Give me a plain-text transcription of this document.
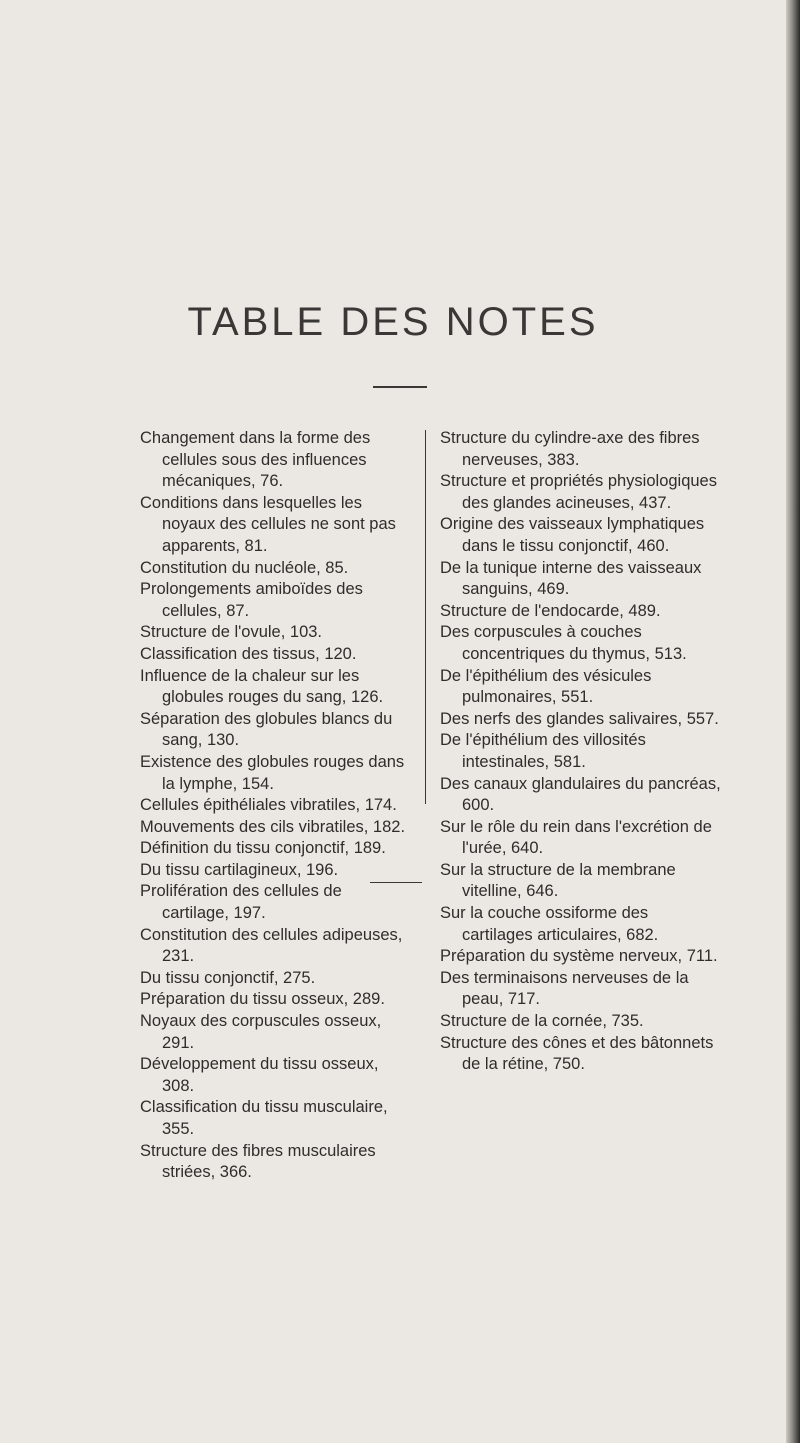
TABLE DES NOTES
Changement dans la forme des cellules sous des influences mécaniques, 76.
Conditions dans lesquelles les noyaux des cellules ne sont pas apparents, 81.
Constitution du nucléole, 85.
Prolongements amiboïdes des cellules, 87.
Structure de l'ovule, 103.
Classification des tissus, 120.
Influence de la chaleur sur les globules rouges du sang, 126.
Séparation des globules blancs du sang, 130.
Existence des globules rouges dans la lymphe, 154.
Cellules épithéliales vibratiles, 174.
Mouvements des cils vibratiles, 182.
Définition du tissu conjonctif, 189.
Du tissu cartilagineux, 196.
Prolifération des cellules de cartilage, 197.
Constitution des cellules adipeuses, 231.
Du tissu conjonctif, 275.
Préparation du tissu osseux, 289.
Noyaux des corpuscules osseux, 291.
Développement du tissu osseux, 308.
Classification du tissu musculaire, 355.
Structure des fibres musculaires striées, 366.
Structure du cylindre-axe des fibres nerveuses, 383.
Structure et propriétés physiologiques des glandes acineuses, 437.
Origine des vaisseaux lymphatiques dans le tissu conjonctif, 460.
De la tunique interne des vaisseaux sanguins, 469.
Structure de l'endocarde, 489.
Des corpuscules à couches concentriques du thymus, 513.
De l'épithélium des vésicules pulmonaires, 551.
Des nerfs des glandes salivaires, 557.
De l'épithélium des villosités intestinales, 581.
Des canaux glandulaires du pancréas, 600.
Sur le rôle du rein dans l'excrétion de l'urée, 640.
Sur la structure de la membrane vitelline, 646.
Sur la couche ossiforme des cartilages articulaires, 682.
Préparation du système nerveux, 711.
Des terminaisons nerveuses de la peau, 717.
Structure de la cornée, 735.
Structure des cônes et des bâtonnets de la rétine, 750.
